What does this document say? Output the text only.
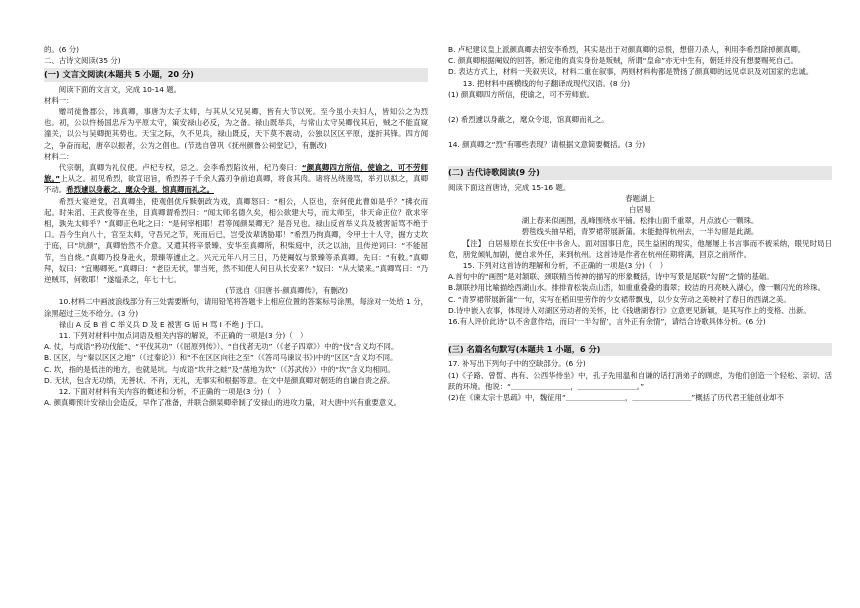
的。(6 分)

二、古诗文阅读(35 分)

(一) 文言文阅读(本题共 5 小题，20 分)

阅读下面的文言文，完成 10-14 题。

材料一：

赠司徒鲁郡公，讳真卿，事唐为太子太师，与其从父兄吴卿，皆有大节以死。至今虽小夫妇人，皆知公之为烈也。初，公以忤杨国忠斥为平原太守，策安禄山必反，为之备。禄山既举兵，与常山太守吴卿伐其后，贼之不能直窥潼关，以公与吴卿扼其势也。天宝之际，久不见兵，禄山既反，天下莫不震动，公独以区区平原，遂折其锋。四方闻之，争奋而起，唐卒以振者，公为之倡也。(节选自曾巩《抚州颜鲁公祠堂记》，有删改)

材料二：

代宗朝，真卿为礼仪使。卢杞专权，忌之。会李希烈陷汝州，杞乃奏曰：“颜真卿四方所信，使谕之，可不劳师旅。”上从之。初见希烈，欲宣诏旨，希烈养子千余人露刃争前迫真卿，将食其肉。诸将丛绕谩骂，举刃以拟之，真卿不动。希烈遽以身蔽之，麾众令退，馆真卿而礼之。

希烈大宴逆党，召真卿坐，使观倡优斥黩朝政为戏，真卿怒曰：“相公，人臣也，奈何使此曹如是乎？”拂衣而起。时朱滔、王武俊等在坐，目真卿谓希烈曰：“闻太师名德久矣，相公欲建大号，而太师至，非天命正位？欲求宰相，孰先太师乎？”真卿正色叱之曰：“是何宰相耶！君等闻颜杲卿无？是吾兄也。禄山反首举义兵及被害诟骂不绝于口。吾今生向八十，官至太师，守吾兄之节，死而后已，岂受汝辈诱胁耶！”希烈乃拘真卿，令甲士十人守，掘方丈坎于庭，曰“坑颜”，真卿怡然不介意。又遣其将辛景臻、安华至真卿所，积柴庭中，沃之以油，且传逆词曰：“不能屈节，当自烧。”真卿乃投身赴火，景臻等遽止之。兴元元年八月三日，乃使阉奴与景臻等杀真卿。先曰：“有敕。”真卿拜，奴曰：“宜赐卿死。”真卿曰：“老臣无状，罪当死，然不知使人何日从长安来？”奴曰：“从大梁来。”真卿骂曰：“乃逆贼耳，何敕耶！”遂缢杀之，年七十七。

(节选自《旧唐书·颜真卿传》，有删改)

10.材料二中画波浪线部分有三处需要断句，请用铅笔将答题卡上相应位置的答案标号涂黑，每涂对一处给 1 分，涂黑超过三处不给分。(3 分)

禄山 A 反 B 首 C 举义兵 D 及 E 被害 G 诟 H 骂 I 不绝 J 于口。

11. 下列对材料中加点词语及相关内容的解说，不正确的一项是(3 分)（　）

A. 仗，与成语“矜功伐能”、“平伐其功”（《屈原列传》）、“自伐者无功”（《老子四章》）中的“伐”含义均不同。

B. 区区，与“秦以区区之地”（《过秦论》）和“不在区区向往之至”（《答司马谏议书》)中的“区区”含义均不同。

C. 坎，指的是低洼的地方，也就是坑。与成语“坎井之蛙”及“凿地为坎”（《苏武传》）中的“坎”含义均相同。

D. 无状，包含无功绩，无善状、不肖，无礼，无事实和根据等意。在文中是颜真卿对朝廷的自谦自责之辞。

12. 下面对材料有关内容的概述和分析，不正确的一项是(3 分)（　）

A. 颜真卿预计安禄山会造反，早作了准备，并联合颜杲卿牵制了安禄山的进攻力量，对大唐中兴有重要意义。

B. 卢杞建议皇上派颜真卿去招安李希烈，其实是出于对颜真卿的忌恨，想借刀杀人，利用李希烈除掉颜真卿。

C. 颜真卿根据阉奴的回答，断定他的真实身份是叛贼，所谓“皇命”亦无中生有，朝廷并没有想要赐死自己。

D. 表达方式上，材料一夹叙夹议，材料二重在叙事，两则材料构都是赞扬了颜真卿的远见卓识及对国家的忠诚。

13. 把材料中画横线的句子翻译成现代汉语。(8 分)

(1) 颜真卿四方所信，使谕之，可不劳师旅。

(2) 希烈遽以身蔽之，麾众令退，馆真卿而礼之。

14. 颜真卿之“烈”有哪些表现？请根据文意简要概括。(3 分)

(二) 古代诗歌阅读(9 分)

阅读下面这首唐诗，完成 15-16 题。

春题湖上

白居易

湖上春来似画图，乱峰围绕水平铺。松排山面千重翠，月点波心一颗珠。

碧毯线头抽早稻，青罗裙带展新蒲。未能抛得杭州去，一半勾留是此湖。

【注】 白居易原在长安任中书舍人。面对国事日危，民生益困的现实，他屡屡上书言事而不被采纳，眼见时局日危，朋党倾轧加剧，便自求外任，来到杭州。这首诗是作者在杭州任期将满，回京之前所作。

15. 下列对这首诗的理解和分析，不正确的一项是(3 分)（　）

A.首句中的“画图”是对颔联、颈联精当传神的描写的形象概括，诗中写景是尾联“勾留”之情的基础。

B.颔联抄用比喻描绘西湖山水。排排青松装点山峦，如重重叠叠的翡翠；皎洁的月亮映入湖心，像一颗闪光的珍珠。

C. “青罗裙带展新蒲”一句，实写在稻田里劳作的少女裙带飘曳，以少女劳动之美映衬了春日的西湖之美。

D.诗中嵌入农事，体现诗人对湖区劳动者的关怀，比《钱塘湖春行》立意更见新颖，是其写作上的变格、出新。

16.有人评价此诗“以不舍意作结，而曰‘一半勾留’，言外正有余情”，请结合诗歌具体分析。(6 分)

(三) 名篇名句默写(本题共 1 小题，6 分)

17. 补写出下列句子中的空缺部分。(6 分)

(1)《子路、曾皙、冉有、公西华侍坐》中，孔子先用温和自谦的话打消弟子的顾虑，为他们创造一个轻松、亲切、活跃的环境。他说：“＿＿＿＿＿＿＿＿，＿＿＿＿＿＿＿＿。”

(2)在《谏太宗十思疏》中，魏征用“＿＿＿＿＿＿＿＿，＿＿＿＿＿＿＿＿”概括了历代君王能创业却不
